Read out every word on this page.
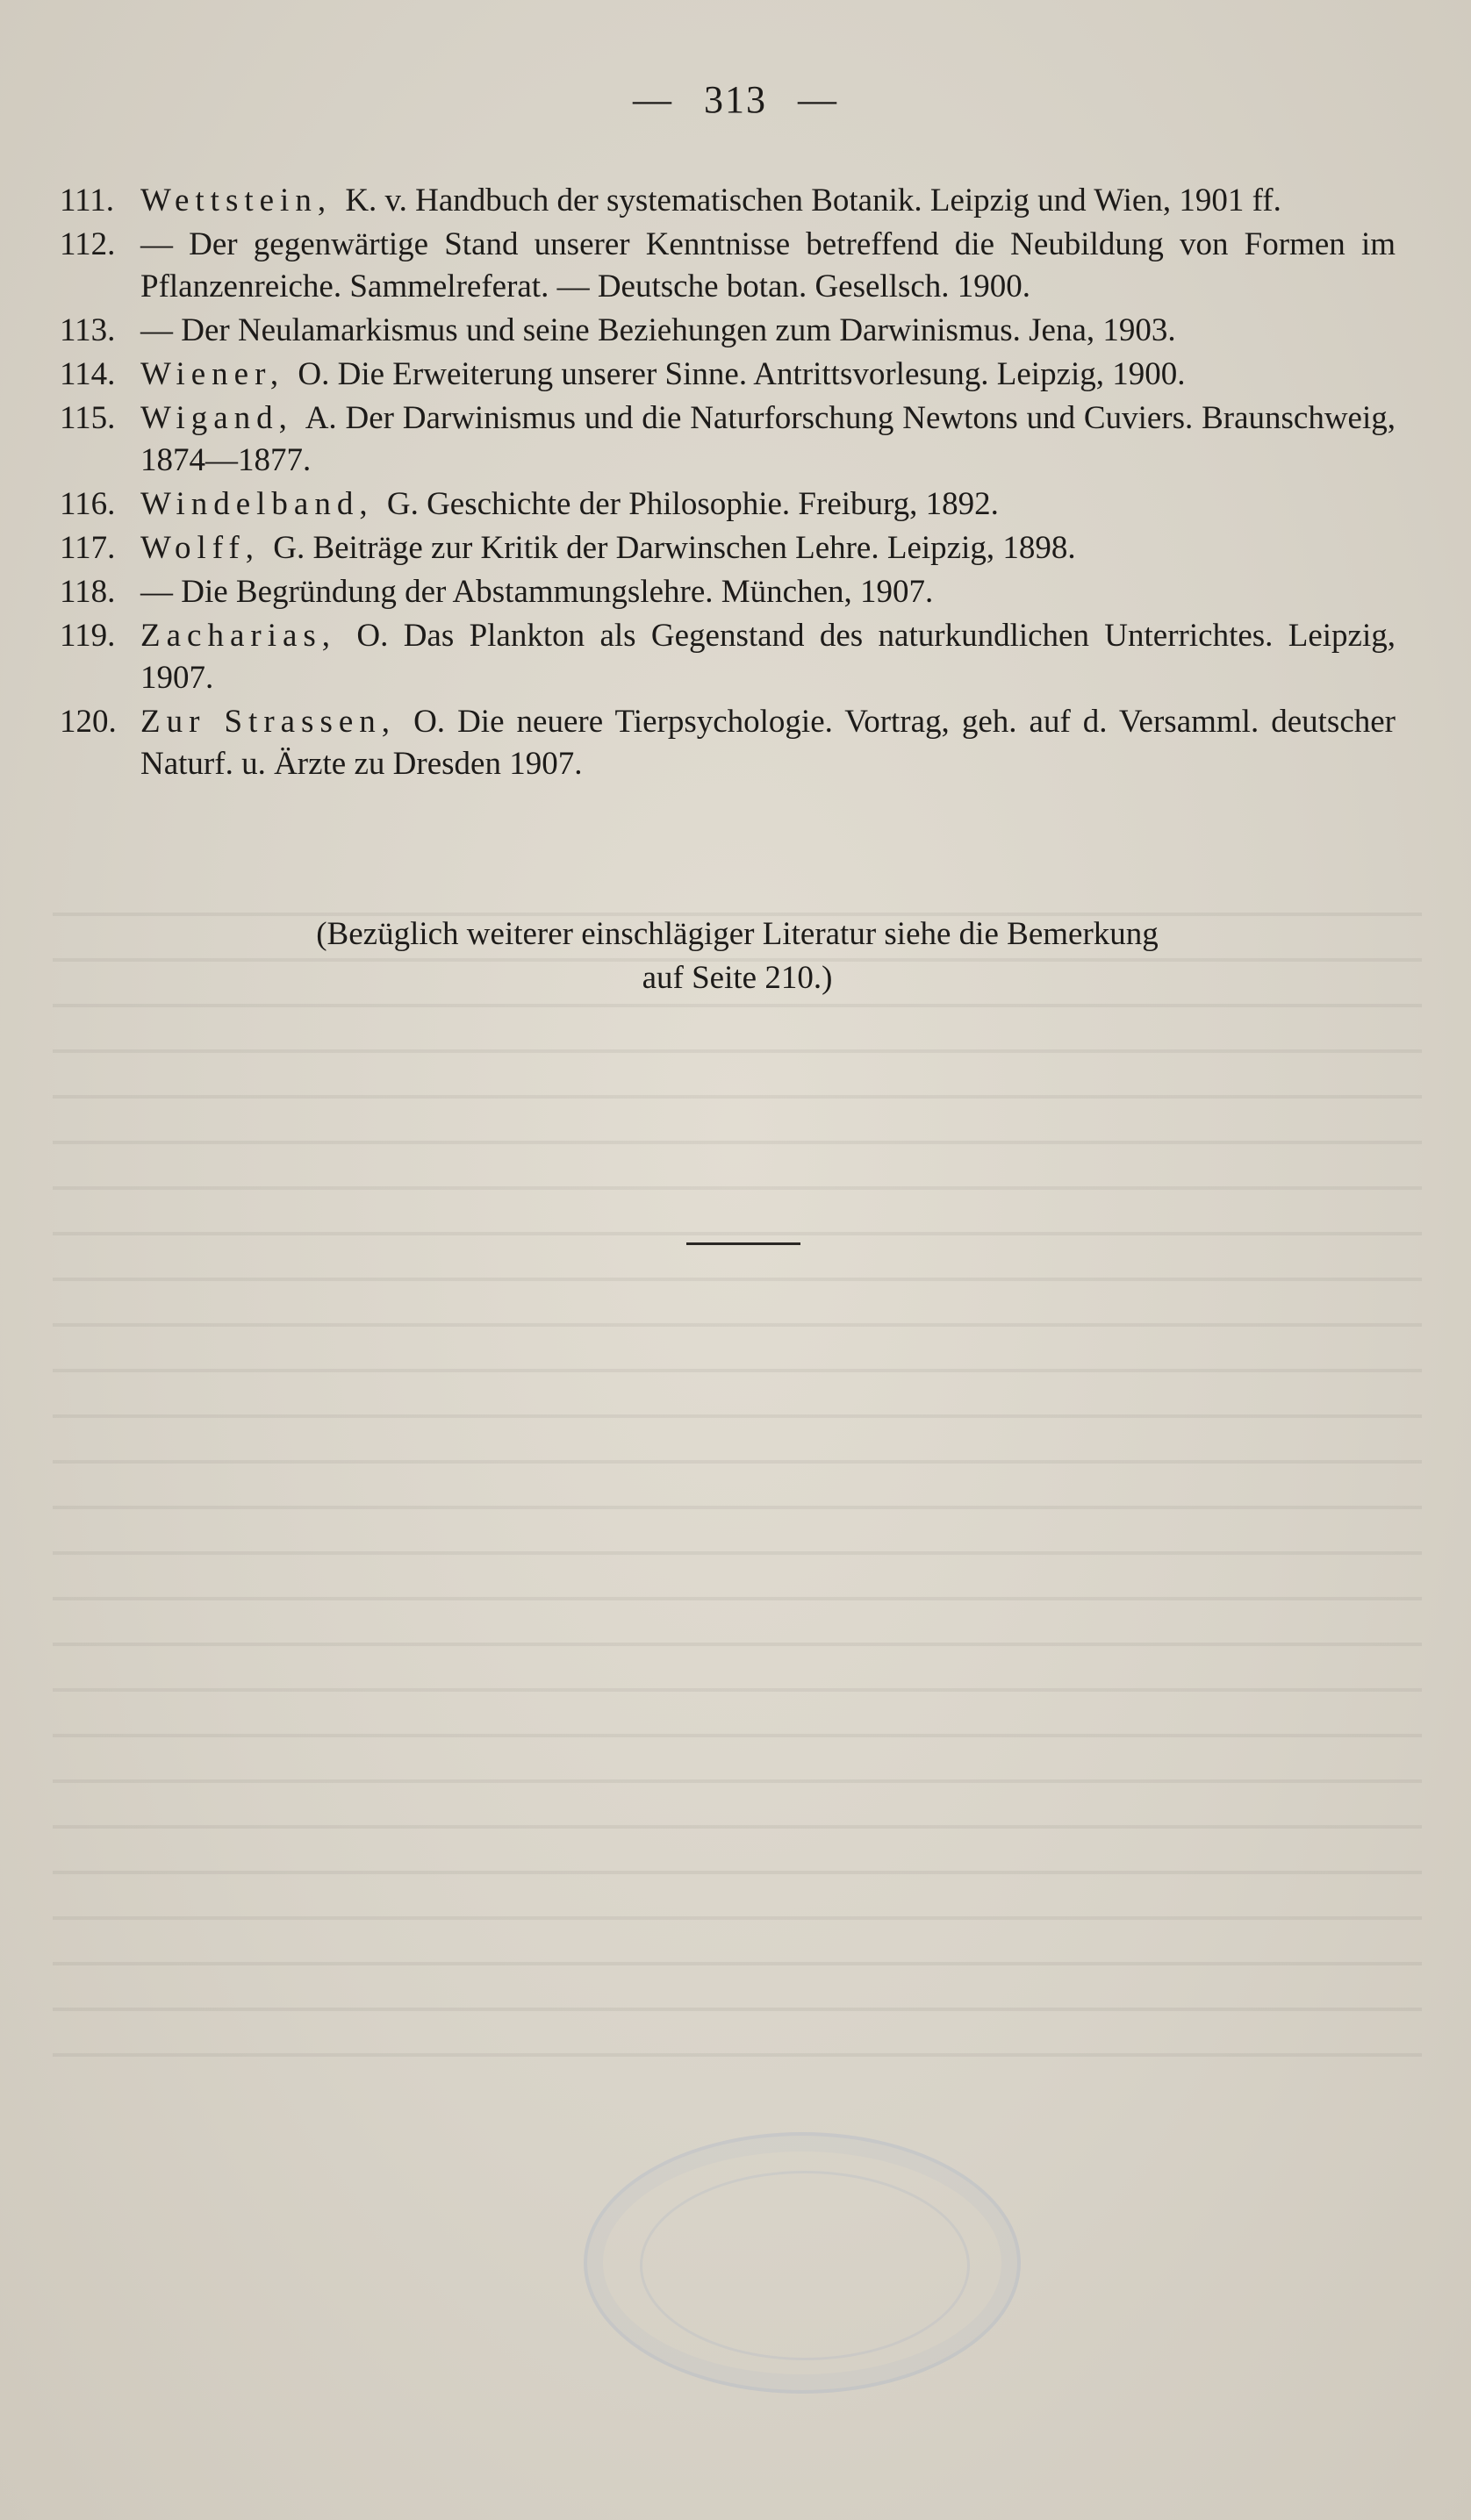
— 313 —
111. Wettstein, K. v. Handbuch der systematischen Botanik. Leipzig und Wien, 1901 ff.
112. — Der gegenwärtige Stand unserer Kenntnisse betreffend die Neubildung von Formen im Pflanzenreiche. Sammelreferat. — Deutsche botan. Gesellsch. 1900.
113. — Der Neulamarkismus und seine Beziehungen zum Darwinismus. Jena, 1903.
114. Wiener, O. Die Erweiterung unserer Sinne. Antrittsvorlesung. Leipzig, 1900.
115. Wigand, A. Der Darwinismus und die Naturforschung Newtons und Cuviers. Braunschweig, 1874—1877.
116. Windelband, G. Geschichte der Philosophie. Freiburg, 1892.
117. Wolff, G. Beiträge zur Kritik der Darwinschen Lehre. Leipzig, 1898.
118. — Die Begründung der Abstammungslehre. München, 1907.
119. Zacharias, O. Das Plankton als Gegenstand des naturkundlichen Unterrichtes. Leipzig, 1907.
120. Zur Strassen, O. Die neuere Tierpsychologie. Vortrag, geh. auf d. Versamml. deutscher Naturf. u. Ärzte zu Dresden 1907.
(Bezüglich weiterer einschlägiger Literatur siehe die Bemerkung
auf Seite 210.)
